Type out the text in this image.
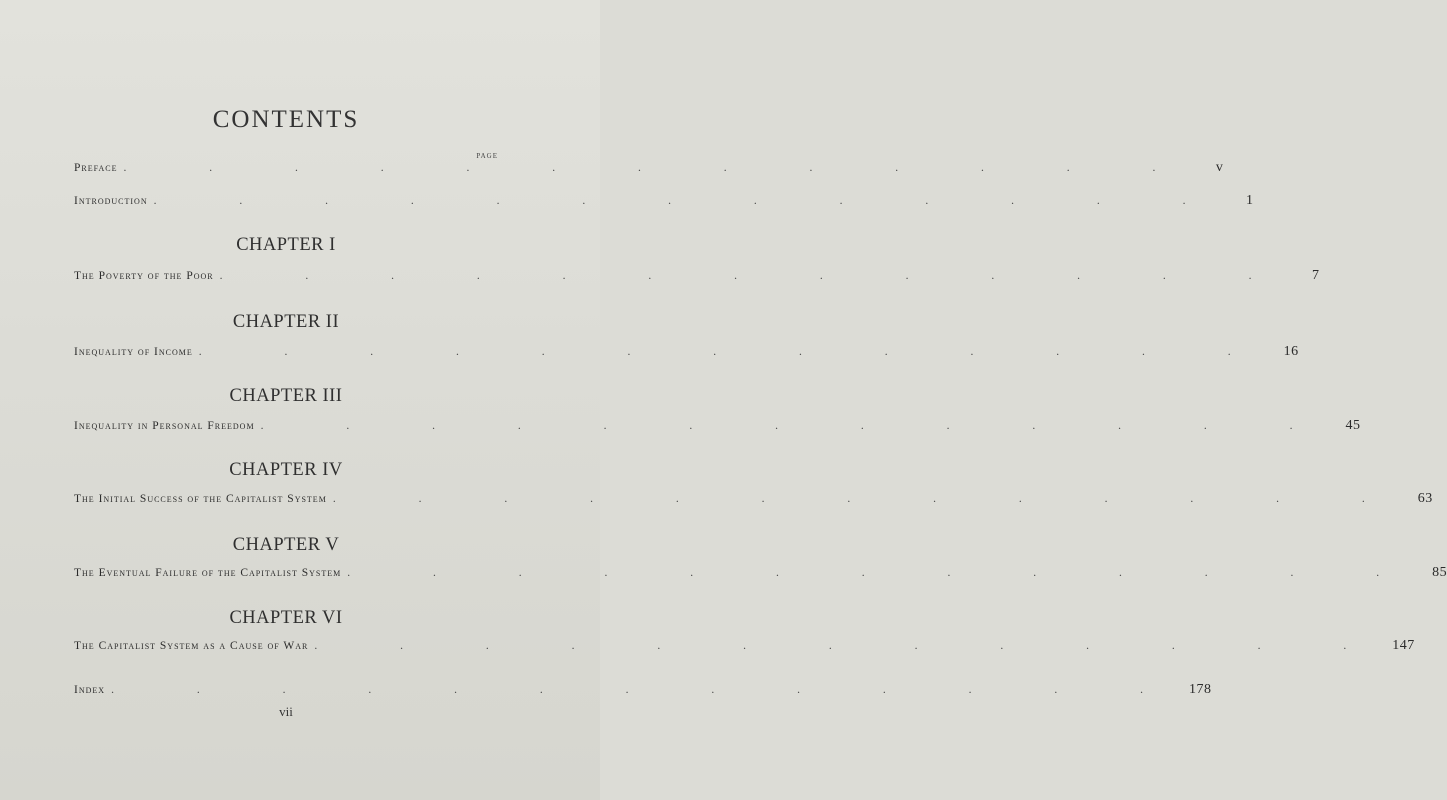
CONTENTS
PAGE
Preface . . . . . . . . . . . . .	v
Introduction . . . . . . . . . . . . .	1
CHAPTER I
The Poverty of the Poor . . . . . . . . . . . . .	7
CHAPTER II
Inequality of Income . . . . . . . . . . . . . 16
CHAPTER III
Inequality in Personal Freedom . . . . . . . . . . . . . 45
CHAPTER IV
The Initial Success of the Capitalist System . . . . . . . . . . . . . 63
CHAPTER V
The Eventual Failure of the Capitalist System . . . . . . . . . . . . . 85
CHAPTER VI
The Capitalist System as a Cause of War . . . . . . . . . . . . . 147
Index . . . . . . . . . . . . . 178
vii
